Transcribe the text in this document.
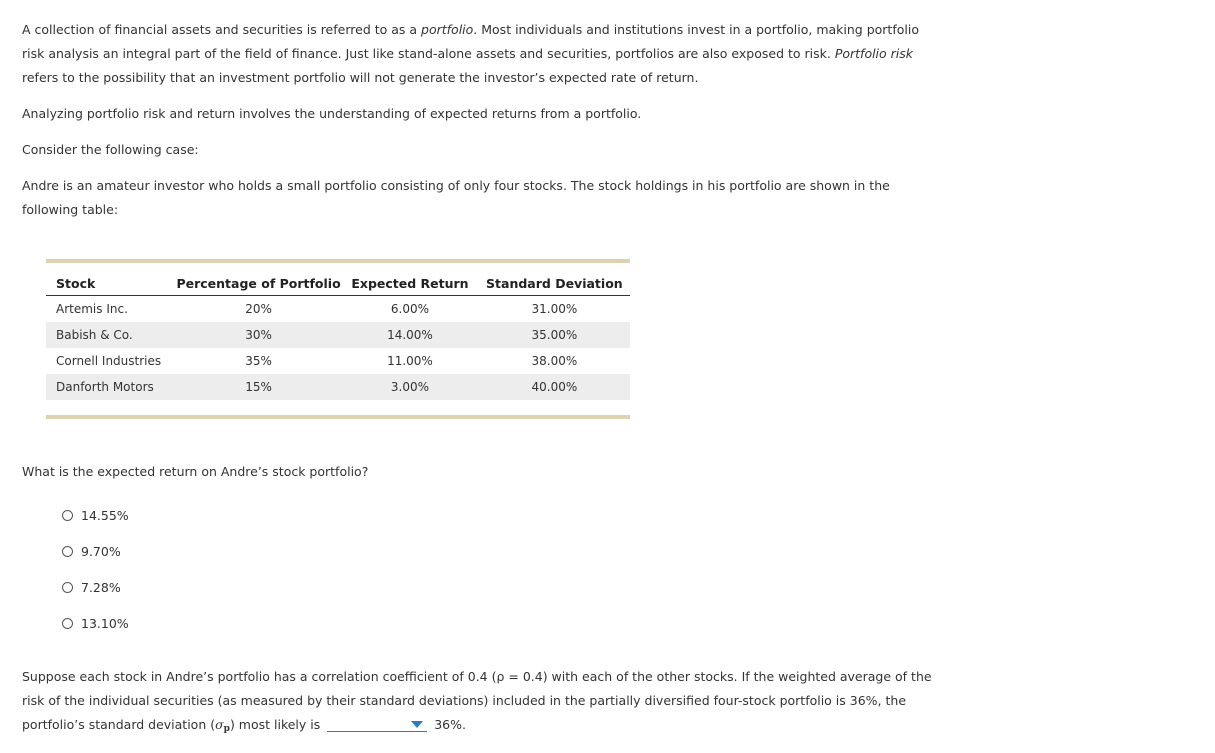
A collection of financial assets and securities is referred to as a portfolio. Most individuals and institutions invest in a portfolio, making portfolio risk analysis an integral part of the field of finance. Just like stand-alone assets and securities, portfolios are also exposed to risk. Portfolio risk refers to the possibility that an investment portfolio will not generate the investor’s expected rate of return.

Analyzing portfolio risk and return involves the understanding of expected returns from a portfolio.

Consider the following case:

Andre is an amateur investor who holds a small portfolio consisting of only four stocks. The stock holdings in his portfolio are shown in the following table:

Stock	Percentage of Portfolio	Expected Return	Standard Deviation
Artemis Inc.	20%	6.00%	31.00%
Babish & Co.	30%	14.00%	35.00%
Cornell Industries	35%	11.00%	38.00%
Danforth Motors	15%	3.00%	40.00%

What is the expected return on Andre’s stock portfolio?

14.55%
9.70%
7.28%
13.10%

Suppose each stock in Andre’s portfolio has a correlation coefficient of 0.4 (ρ = 0.4) with each of the other stocks. If the weighted average of the risk of the individual securities (as measured by their standard deviations) included in the partially diversified four-stock portfolio is 36%, the portfolio’s standard deviation $(\sigma_p)$ most likely is	36%.
